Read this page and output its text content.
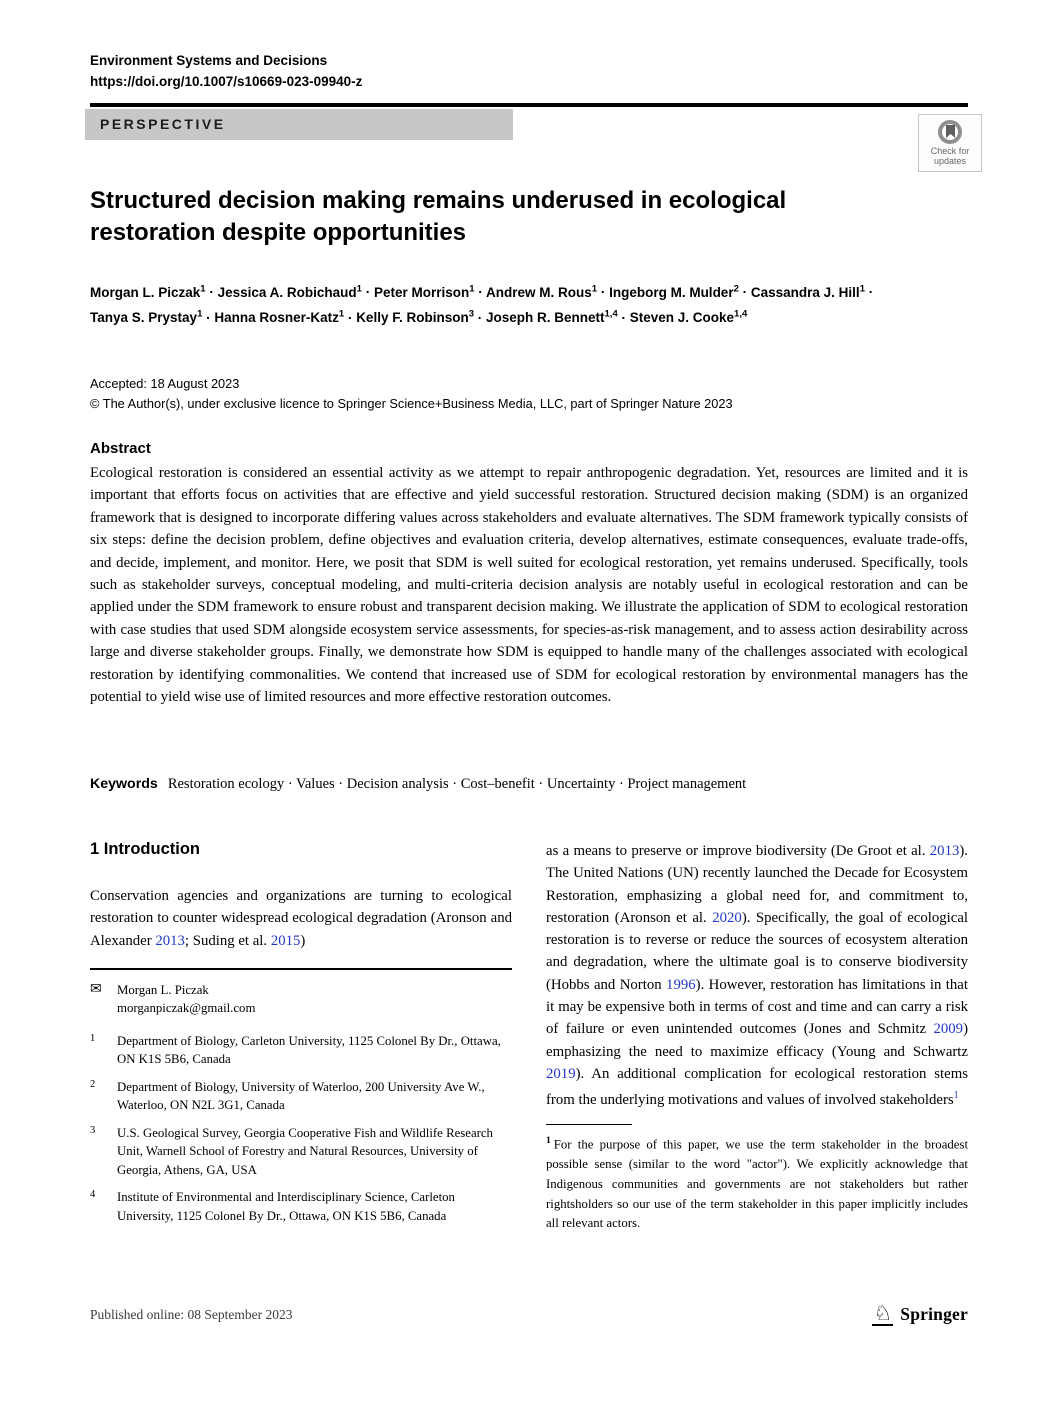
Environment Systems and Decisions
https://doi.org/10.1007/s10669-023-09940-z
PERSPECTIVE
Check for
updates
Structured decision making remains underused in ecological restoration despite opportunities
Morgan L. Piczak$^1$ · Jessica A. Robichaud$^1$ · Peter Morrison$^1$ · Andrew M. Rous$^1$ · Ingeborg M. Mulder$^2$ · Cassandra J. Hill$^1$ · Tanya S. Prystay$^1$ · Hanna Rosner-Katz$^1$ · Kelly F. Robinson$^3$ · Joseph R. Bennett$^{1,4}$ · Steven J. Cooke$^{1,4}$
Accepted: 18 August 2023
© The Author(s), under exclusive licence to Springer Science+Business Media, LLC, part of Springer Nature 2023
Abstract

Ecological restoration is considered an essential activity as we attempt to repair anthropogenic degradation. Yet, resources are limited and it is important that efforts focus on activities that are effective and yield successful restoration. Structured decision making (SDM) is an organized framework that is designed to incorporate differing values across stakeholders and evaluate alternatives. The SDM framework typically consists of six steps: define the decision problem, define objectives and evaluation criteria, develop alternatives, estimate consequences, evaluate trade-offs, and decide, implement, and monitor. Here, we posit that SDM is well suited for ecological restoration, yet remains underused. Specifically, tools such as stakeholder surveys, conceptual modeling, and multi-criteria decision analysis are notably useful in ecological restoration and can be applied under the SDM framework to ensure robust and transparent decision making. We illustrate the application of SDM to ecological restoration with case studies that used SDM alongside ecosystem service assessments, for species-as-risk management, and to assess action desirability across large and diverse stakeholder groups. Finally, we demonstrate how SDM is equipped to handle many of the challenges associated with ecological restoration by identifying commonalities. We contend that increased use of SDM for ecological restoration by environmental managers has the potential to yield wise use of limited resources and more effective restoration outcomes.

Keywords Restoration ecology · Values · Decision analysis · Cost–benefit · Uncertainty · Project management
1 Introduction

Conservation agencies and organizations are turning to ecological restoration to counter widespread ecological degradation (Aronson and Alexander 2013; Suding et al. 2015)

✉	Morgan L. Piczak
morganpiczak@gmail.com
1	Department of Biology, Carleton University, 1125 Colonel By Dr., Ottawa, ON K1S 5B6, Canada
2	Department of Biology, University of Waterloo, 200 University Ave W., Waterloo, ON N2L 3G1, Canada
3	U.S. Geological Survey, Georgia Cooperative Fish and Wildlife Research Unit, Warnell School of Forestry and Natural Resources, University of Georgia, Athens, GA, USA
4	Institute of Environmental and Interdisciplinary Science, Carleton University, 1125 Colonel By Dr., Ottawa, ON K1S 5B6, Canada

as a means to preserve or improve biodiversity (De Groot et al. 2013). The United Nations (UN) recently launched the Decade for Ecosystem Restoration, emphasizing a global need for, and commitment to, restoration (Aronson et al. 2020). Specifically, the goal of ecological restoration is to reverse or reduce the sources of ecosystem alteration and degradation, where the ultimate goal is to conserve biodiversity (Hobbs and Norton 1996). However, restoration has limitations in that it may be expensive both in terms of cost and time and can carry a risk of failure or even unintended outcomes (Jones and Schmitz 2009) emphasizing the need to maximize efficacy (Young and Schwartz 2019). An additional complication for ecological restoration stems from the underlying motivations and values of involved stakeholders$^1$

$^1$ For the purpose of this paper, we use the term stakeholder in the broadest possible sense (similar to the word "actor"). We explicitly acknowledge that Indigenous communities and governments are not stakeholders but rather rightsholders so our use of the term stakeholder in this paper implicitly includes all relevant actors.

Published online: 08 September 2023	♘ Springer
